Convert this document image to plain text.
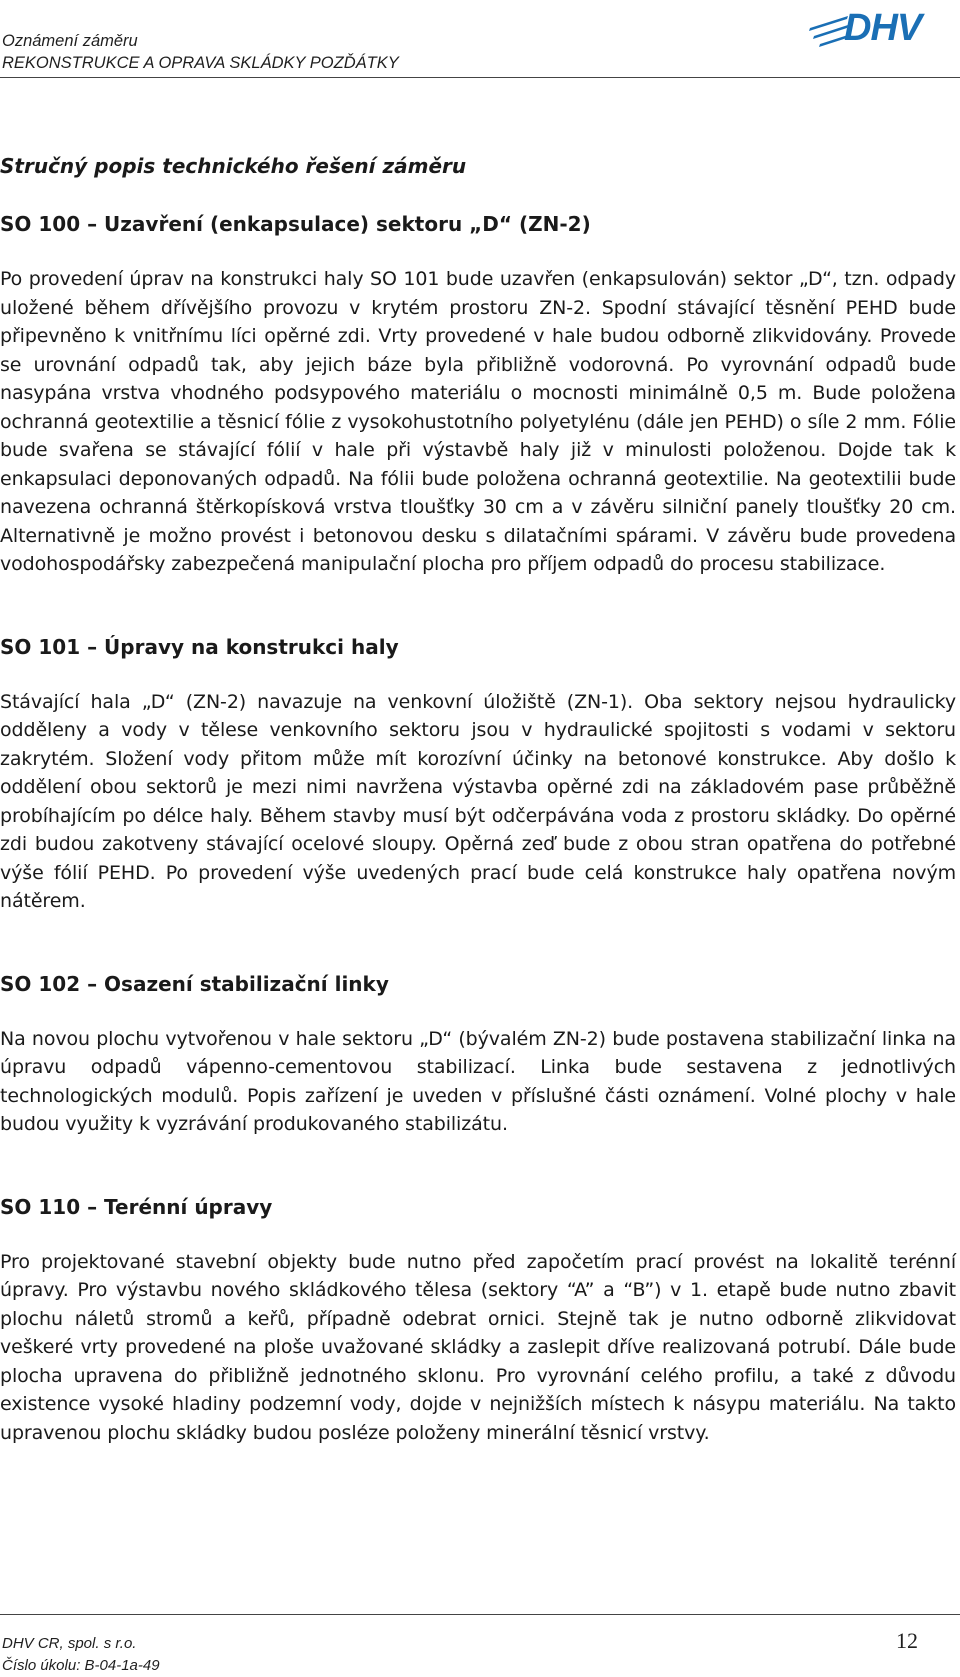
Oznámení záměru
REKONSTRUKCE A OPRAVA SKLÁDKY POZĎÁTKY
DHV
Stručný popis technického řešení záměru
SO 100 – Uzavření (enkapsulace) sektoru „D“ (ZN-2)

Po provedení úprav na konstrukci haly SO 101 bude uzavřen (enkapsulován) sektor „D“, tzn. odpady uložené během dřívějšího provozu v krytém prostoru ZN-2. Spodní stávající těsnění PEHD bude připevněno k vnitřnímu líci opěrné zdi. Vrty provedené v hale budou odborně zlikvidovány. Provede se urovnání odpadů tak, aby jejich báze byla přibližně vodorovná. Po vyrovnání odpadů bude nasypána vrstva vhodného podsypového materiálu o mocnosti minimálně 0,5 m. Bude položena ochranná geotextilie a těsnicí fólie z vysokohustotního polyetylénu (dále jen PEHD) o síle 2 mm. Fólie bude svařena se stávající fólií v hale při výstavbě haly již v minulosti položenou. Dojde tak k enkapsulaci deponovaných odpadů. Na fólii bude položena ochranná geotextilie. Na geotextilii bude navezena ochranná štěrkopísková vrstva tloušťky 30 cm a v závěru silniční panely tloušťky 20 cm. Alternativně je možno provést i betonovou desku s dilatačními spárami. V závěru bude provedena vodohospodářsky zabezpečená manipulační plocha pro příjem odpadů do procesu stabilizace.

SO 101 – Úpravy na konstrukci haly

Stávající hala „D“ (ZN-2) navazuje na venkovní úložiště (ZN-1). Oba sektory nejsou hydraulicky odděleny a vody v tělese venkovního sektoru jsou v hydraulické spojitosti s vodami v sektoru zakrytém. Složení vody přitom může mít korozívní účinky na betonové konstrukce. Aby došlo k oddělení obou sektorů je mezi nimi navržena výstavba opěrné zdi na základovém pase průběžně probíhajícím po délce haly. Během stavby musí být odčerpávána voda z prostoru skládky. Do opěrné zdi budou zakotveny stávající ocelové sloupy. Opěrná zeď bude z obou stran opatřena do potřebné výše fólií PEHD. Po provedení výše uvedených prací bude celá konstrukce haly opatřena novým nátěrem.

SO 102 – Osazení stabilizační linky

Na novou plochu vytvořenou v hale sektoru „D“ (bývalém ZN-2) bude postavena stabilizační linka na úpravu odpadů vápenno-cementovou stabilizací. Linka bude sestavena z jednotlivých technologických modulů. Popis zařízení je uveden v příslušné části oznámení. Volné plochy v hale budou využity k vyzrávání produkovaného stabilizátu.

SO 110 – Terénní úpravy

Pro projektované stavební objekty bude nutno před započetím prací provést na lokalitě terénní úpravy. Pro výstavbu nového skládkového tělesa (sektory “A” a “B”) v 1. etapě bude nutno zbavit plochu náletů stromů a keřů, případně odebrat ornici. Stejně tak je nutno odborně zlikvidovat veškeré vrty provedené na ploše uvažované skládky a zaslepit dříve realizovaná potrubí. Dále bude plocha upravena do přibližně jednotného sklonu. Pro vyrovnání celého profilu, a také z důvodu existence vysoké hladiny podzemní vody, dojde v nejnižších místech k násypu materiálu. Na takto upravenou plochu skládky budou posléze položeny minerální těsnicí vrstvy.

DHV CR, spol. s r.o.
Číslo úkolu: B-04-1a-49
12
